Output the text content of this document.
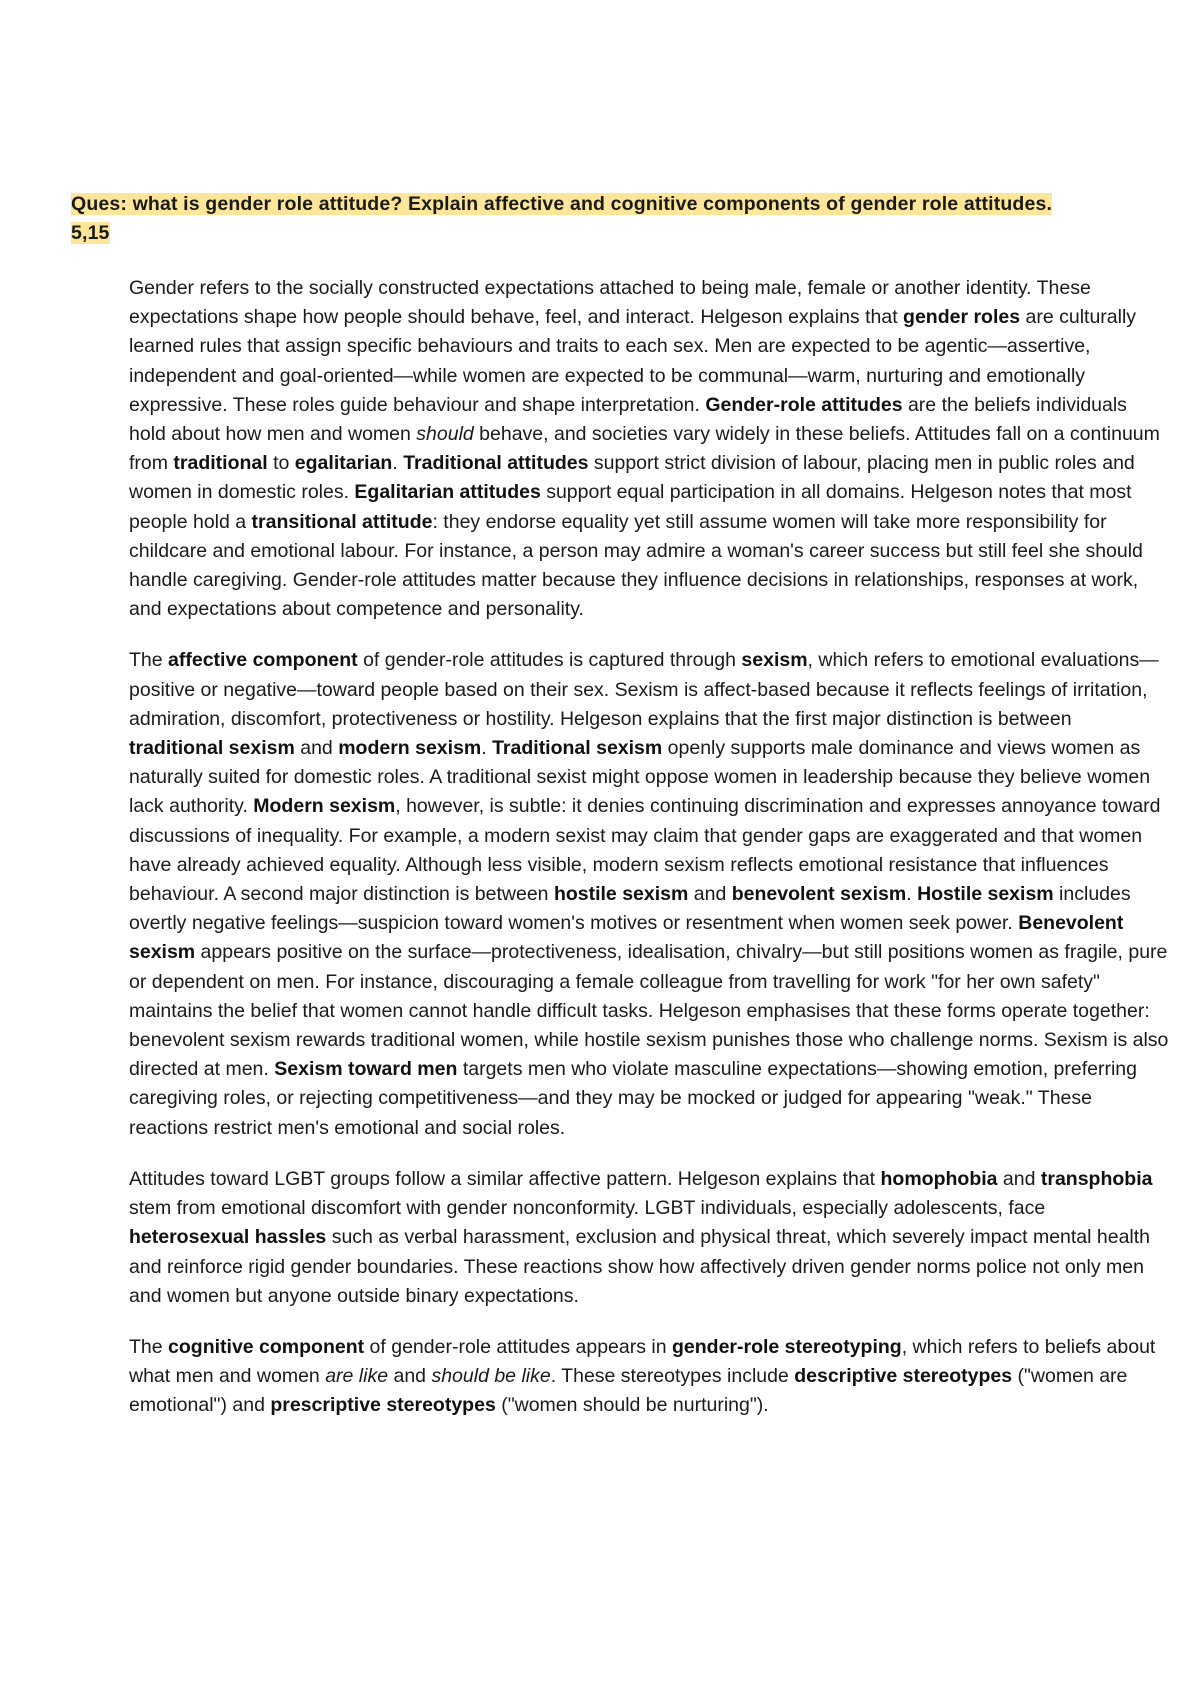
Ques: what is gender role attitude? Explain affective and cognitive components of gender role attitudes. 5,15

Gender refers to the socially constructed expectations attached to being male, female or another identity. These expectations shape how people should behave, feel, and interact. Helgeson explains that gender roles are culturally learned rules that assign specific behaviours and traits to each sex. Men are expected to be agentic—assertive, independent and goal-oriented—while women are expected to be communal—warm, nurturing and emotionally expressive. These roles guide behaviour and shape interpretation. Gender-role attitudes are the beliefs individuals hold about how men and women should behave, and societies vary widely in these beliefs. Attitudes fall on a continuum from traditional to egalitarian. Traditional attitudes support strict division of labour, placing men in public roles and women in domestic roles. Egalitarian attitudes support equal participation in all domains. Helgeson notes that most people hold a transitional attitude: they endorse equality yet still assume women will take more responsibility for childcare and emotional labour. For instance, a person may admire a woman's career success but still feel she should handle caregiving. Gender-role attitudes matter because they influence decisions in relationships, responses at work, and expectations about competence and personality.

The affective component of gender-role attitudes is captured through sexism, which refers to emotional evaluations—positive or negative—toward people based on their sex. Sexism is affect-based because it reflects feelings of irritation, admiration, discomfort, protectiveness or hostility. Helgeson explains that the first major distinction is between traditional sexism and modern sexism. Traditional sexism openly supports male dominance and views women as naturally suited for domestic roles. A traditional sexist might oppose women in leadership because they believe women lack authority. Modern sexism, however, is subtle: it denies continuing discrimination and expresses annoyance toward discussions of inequality. For example, a modern sexist may claim that gender gaps are exaggerated and that women have already achieved equality. Although less visible, modern sexism reflects emotional resistance that influences behaviour. A second major distinction is between hostile sexism and benevolent sexism. Hostile sexism includes overtly negative feelings—suspicion toward women's motives or resentment when women seek power. Benevolent sexism appears positive on the surface—protectiveness, idealisation, chivalry—but still positions women as fragile, pure or dependent on men. For instance, discouraging a female colleague from travelling for work "for her own safety" maintains the belief that women cannot handle difficult tasks. Helgeson emphasises that these forms operate together: benevolent sexism rewards traditional women, while hostile sexism punishes those who challenge norms. Sexism is also directed at men. Sexism toward men targets men who violate masculine expectations—showing emotion, preferring caregiving roles, or rejecting competitiveness—and they may be mocked or judged for appearing "weak." These reactions restrict men's emotional and social roles.

Attitudes toward LGBT groups follow a similar affective pattern. Helgeson explains that homophobia and transphobia stem from emotional discomfort with gender nonconformity. LGBT individuals, especially adolescents, face heterosexual hassles such as verbal harassment, exclusion and physical threat, which severely impact mental health and reinforce rigid gender boundaries. These reactions show how affectively driven gender norms police not only men and women but anyone outside binary expectations.

The cognitive component of gender-role attitudes appears in gender-role stereotyping, which refers to beliefs about what men and women are like and should be like. These stereotypes include descriptive stereotypes ("women are emotional") and prescriptive stereotypes ("women should be nurturing").
